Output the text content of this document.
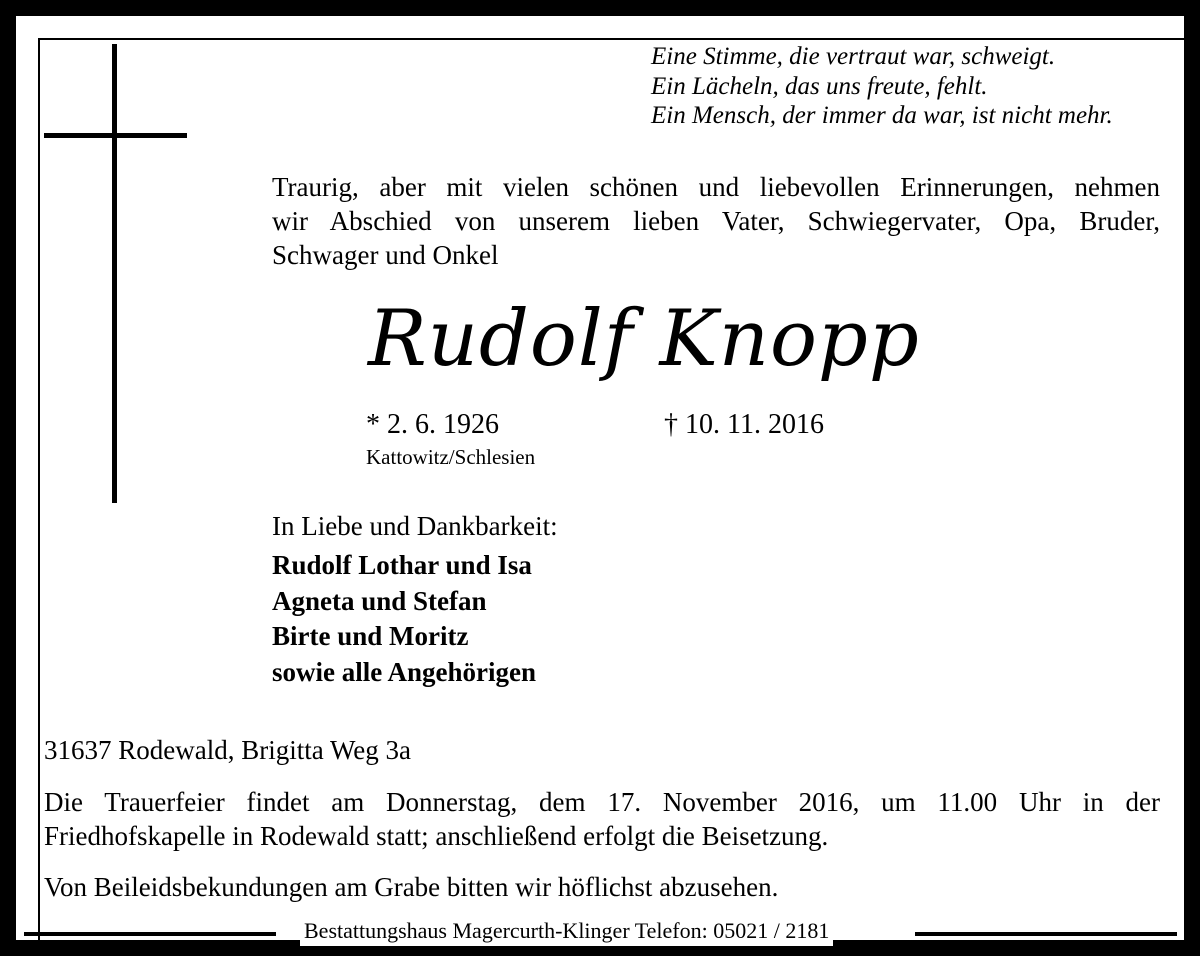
Eine Stimme, die vertraut war, schweigt.
Ein Lächeln, das uns freute, fehlt.
Ein Mensch, der immer da war, ist nicht mehr.
Traurig, aber mit vielen schönen und liebevollen Erinnerungen, nehmen
wir Abschied von unserem lieben Vater, Schwiegervater, Opa, Bruder,
Schwager und Onkel
Rudolf Knopp
* 2. 6. 1926	† 10. 11. 2016
Kattowitz/Schlesien
In Liebe und Dankbarkeit:
Rudolf Lothar und Isa
Agneta und Stefan
Birte und Moritz
sowie alle Angehörigen
31637 Rodewald, Brigitta Weg 3a
Die Trauerfeier findet am Donnerstag, dem 17. November 2016, um 11.00 Uhr in der
Friedhofskapelle in Rodewald statt; anschließend erfolgt die Beisetzung.
Von Beileidsbekundungen am Grabe bitten wir höflichst abzusehen.
Bestattungshaus Magercurth-Klinger Telefon: 05021 / 2181
